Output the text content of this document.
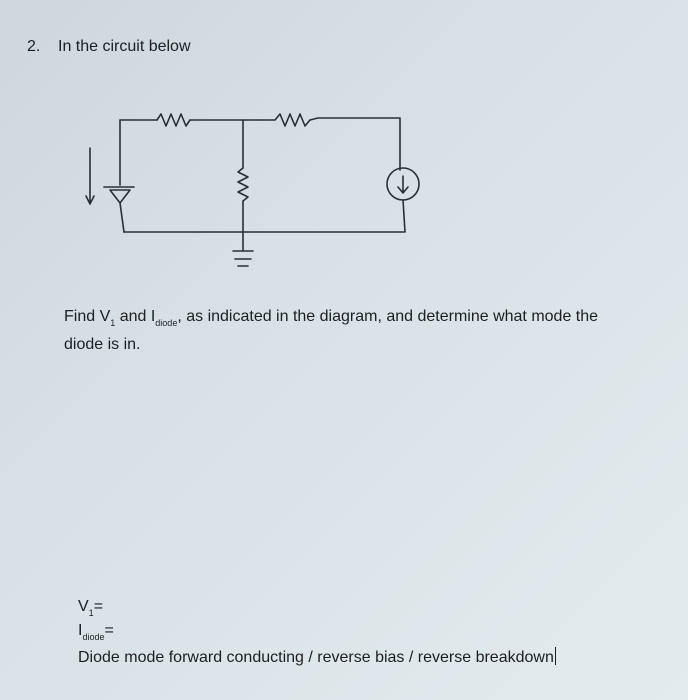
2. In the circuit below
Find $V_1$ and $I_{diode}$, as indicated in the diagram, and determine what mode the
diode is in.
$V_1=$
$I_{diode}=$
Diode mode forward conducting / reverse bias / reverse breakdown
